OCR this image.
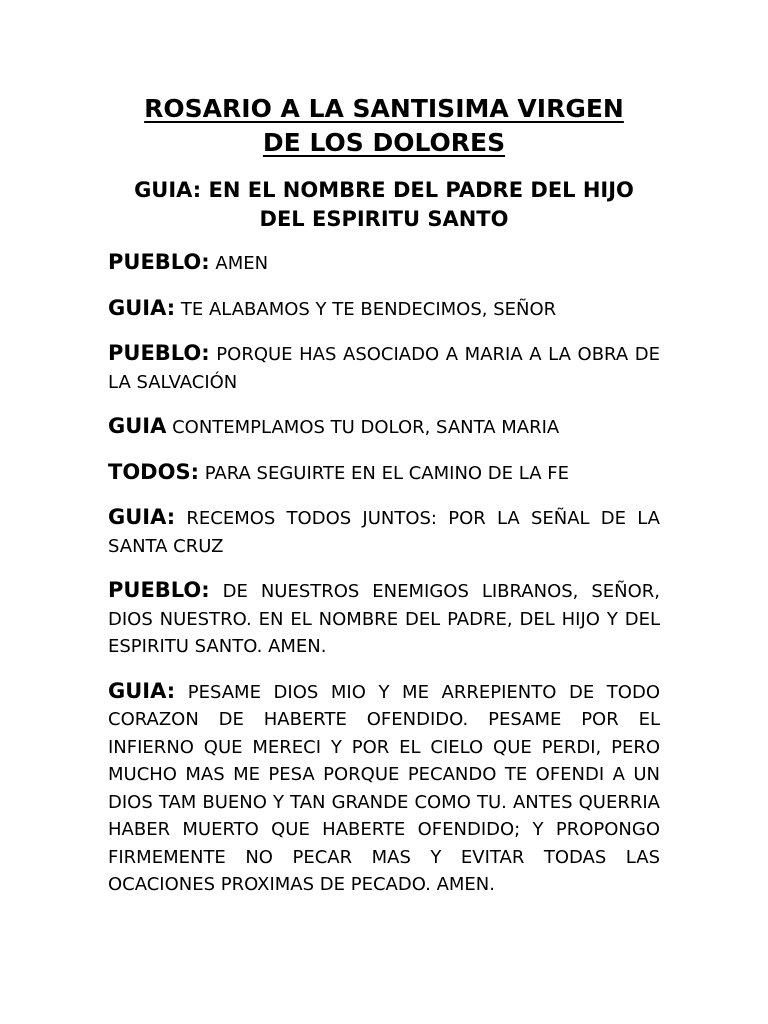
ROSARIO A LA SANTISIMA VIRGEN
DE LOS DOLORES

GUIA: EN EL NOMBRE DEL PADRE DEL HIJO
DEL ESPIRITU SANTO

PUEBLO: AMEN

GUIA: TE ALABAMOS Y TE BENDECIMOS, SEÑOR

PUEBLO: PORQUE HAS ASOCIADO A MARIA A LA OBRA DE LA SALVACIÓN

GUIA CONTEMPLAMOS TU DOLOR, SANTA MARIA

TODOS: PARA SEGUIRTE EN EL CAMINO DE LA FE

GUIA: RECEMOS TODOS JUNTOS: POR LA SEÑAL DE LA SANTA CRUZ

PUEBLO: DE NUESTROS ENEMIGOS LIBRANOS, SEÑOR, DIOS NUESTRO. EN EL NOMBRE DEL PADRE, DEL HIJO Y DEL ESPIRITU SANTO. AMEN.

GUIA: PESAME DIOS MIO Y ME ARREPIENTO DE TODO CORAZON DE HABERTE OFENDIDO. PESAME POR EL INFIERNO QUE MERECI Y POR EL CIELO QUE PERDI, PERO MUCHO MAS ME PESA PORQUE PECANDO TE OFENDI A UN DIOS TAM BUENO Y TAN GRANDE COMO TU. ANTES QUERRIA HABER MUERTO QUE HABERTE OFENDIDO; Y PROPONGO FIRMEMENTE NO PECAR MAS Y EVITAR TODAS LAS OCACIONES PROXIMAS DE PECADO. AMEN.
